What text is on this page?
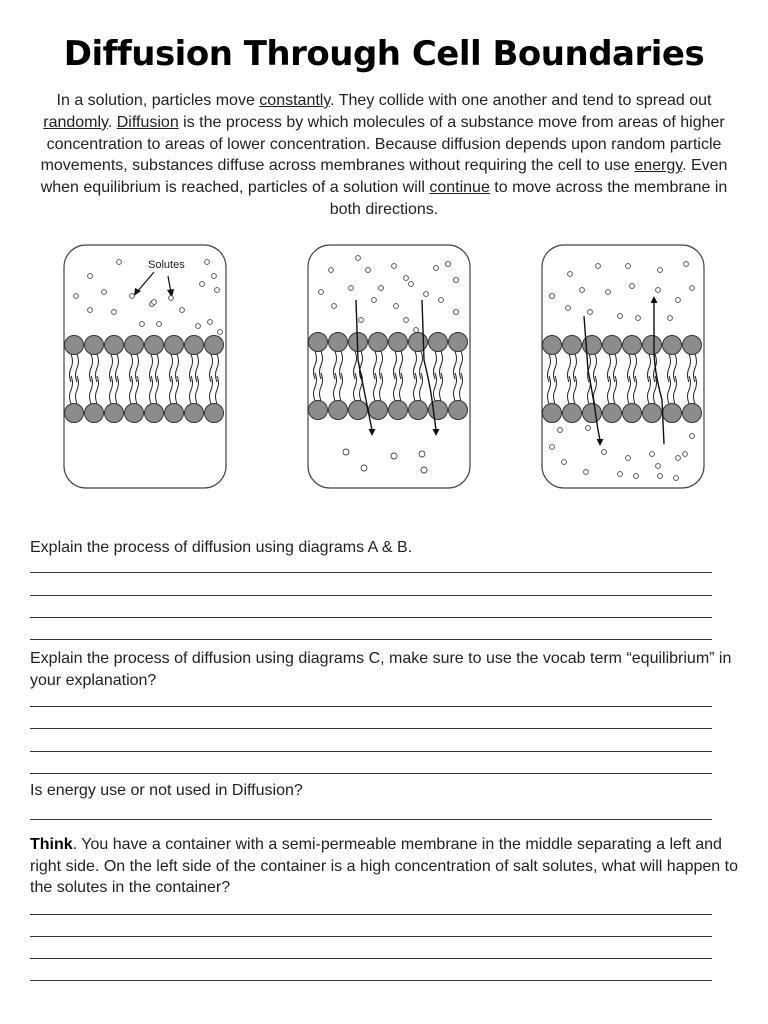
Diffusion Through Cell Boundaries
In a solution, particles move constantly. They collide with one another and tend to spread out randomly. Diffusion is the process by which molecules of a substance move from areas of higher concentration to areas of lower concentration. Because diffusion depends upon random particle movements, substances diffuse across membranes without requiring the cell to use energy. Even when equilibrium is reached, particles of a solution will continue to move across the membrane in both directions.
Solutes
Explain the process of diffusion using diagrams A & B.
Explain the process of diffusion using diagrams C, make sure to use the vocab term “equilibrium” in your explanation?
Is energy use or not used in Diffusion?
Think. You have a container with a semi-permeable membrane in the middle separating a left and right side. On the left side of the container is a high concentration of salt solutes, what will happen to the solutes in the container?
